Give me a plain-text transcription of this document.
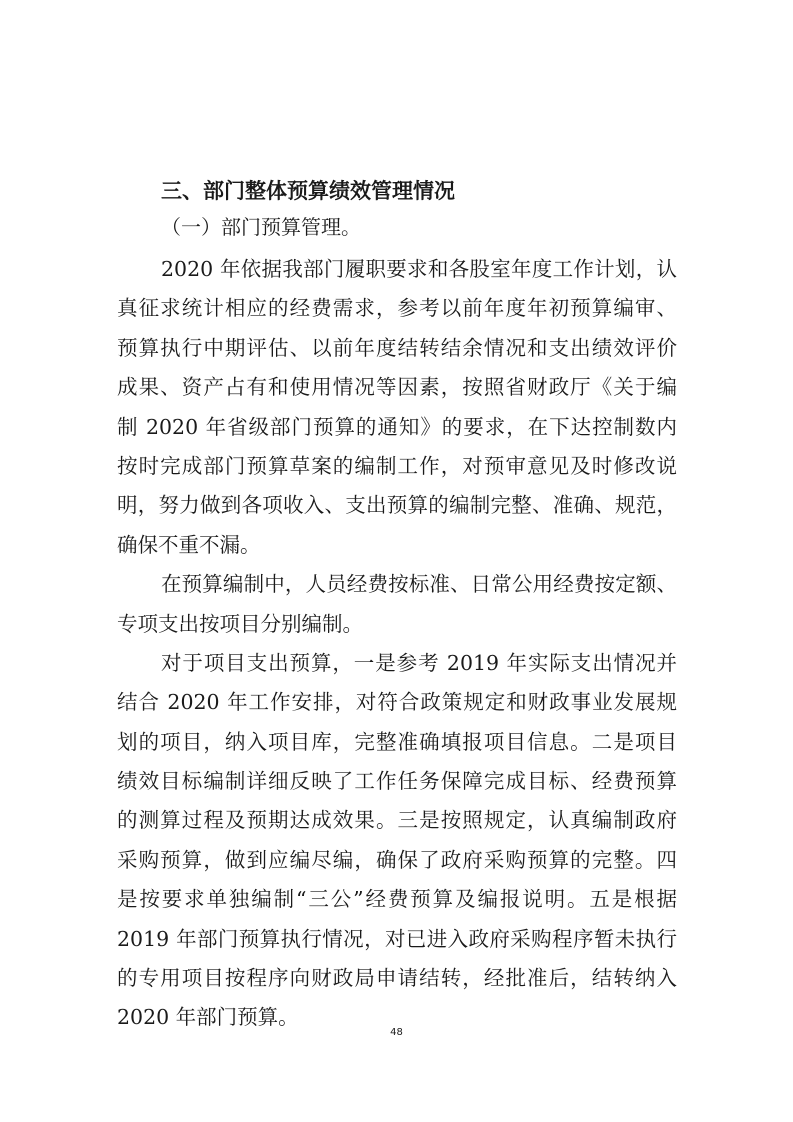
三、部门整体预算绩效管理情况
（一）部门预算管理。
2020 年依据我部门履职要求和各股室年度工作计划，认
真征求统计相应的经费需求，参考以前年度年初预算编审、
预算执行中期评估、以前年度结转结余情况和支出绩效评价
成果、资产占有和使用情况等因素，按照省财政厅《关于编
制 2020 年省级部门预算的通知》的要求，在下达控制数内
按时完成部门预算草案的编制工作，对预审意见及时修改说
明，努力做到各项收入、支出预算的编制完整、准确、规范，
确保不重不漏。
在预算编制中，人员经费按标准、日常公用经费按定额、
专项支出按项目分别编制。
对于项目支出预算，一是参考 2019 年实际支出情况并
结合 2020 年工作安排，对符合政策规定和财政事业发展规
划的项目，纳入项目库，完整准确填报项目信息。二是项目
绩效目标编制详细反映了工作任务保障完成目标、经费预算
的测算过程及预期达成效果。三是按照规定，认真编制政府
采购预算，做到应编尽编，确保了政府采购预算的完整。四
是按要求单独编制“三公”经费预算及编报说明。五是根据
2019 年部门预算执行情况，对已进入政府采购程序暂未执行
的专用项目按程序向财政局申请结转，经批准后，结转纳入
2020 年部门预算。
48
